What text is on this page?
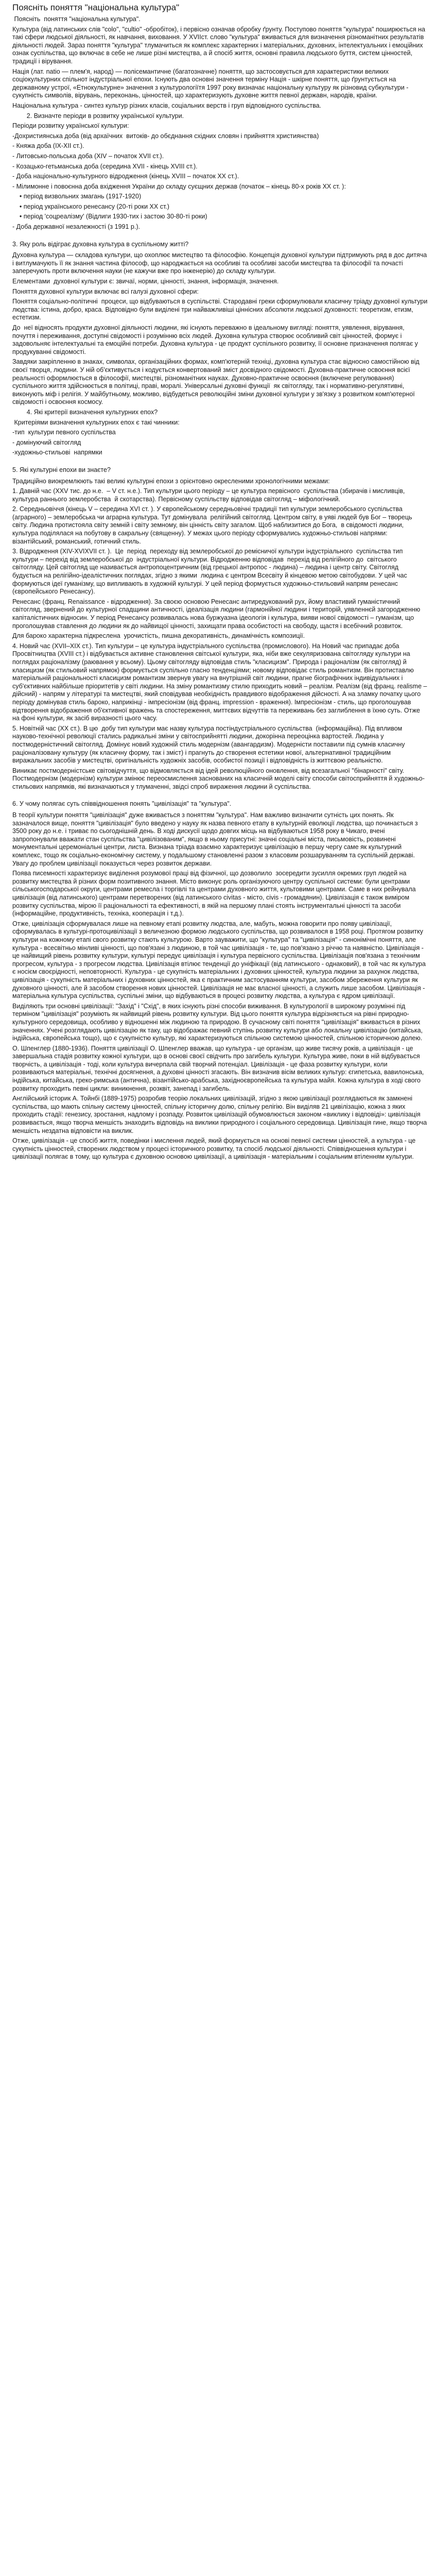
Поясніть поняття "національна культура"

Поясніть  поняття "національна культура".

Культура (від латинських слів "colo", "cultio" -обробіток), і первісно означав обробку ґрунту. Поступово поняття "культура" поширюється на такі сфери людської діяльності, як навчання, виховання. У XVIIст. слово "культура" вживається для визначення різноманітних результатів діяльності людей. Зараз поняття "культура" тлумачиться як комплекс характерних і матеріальних, духовних, інтелектуальних і емоційних ознак суспільства, що включає в себе не лише різні мистецтва, а й спосіб життя, основні правила людського буття, систем цінностей, традиції і вірування.

Нація (лат. natio — плем'я, народ) — полісемантичне (багатозначне) поняття, що застосовується для характеристики великих соціокультурних спільнот індустріальної епохи. Існують два основні значення терміну Нація - шкірне поняття, що ґрунтується на державному устрої, «Етнокультурне» значення з культурологіїтя 1997 року визначає національну культуру як різновид субкультури - сукупність символів, вірувань, переконань, цінностей, що характеризують духовне життя певної державн, народів, країни.

Національна культура - синтез культур різних класів, соціальних верств і груп відповідного суспільства.

2. Визначте періоди в розвитку української культури.

Періоди розвитку української культури:

-Дохристиянська доба (від архаїчних  витоків- до обєднання східних словян і прийняття християнства)

- Княжа доба (ІХ-ХІІ ст.).

- Литовсько-польська доба (XIV – початок XVII ст.).

- Козацько-гетьманська доба (середина XVII - кінець XVIII ст.).

- Доба національно-культурного відродження (кінець XVIII – початок XX ст.).

- Мілимонне і повоєнна доба вхідження України до складу суєщних держав (початок – кінець 80-х років XX ст. ):

• період визвольних змагань (1917-1920)

• період українського ренесансу (20-ті роки XX ст.)

• період 'соцреалізму' (Відлиги 1930-тих і застою 30-80-ті роки)

- Доба державної незалежності (з 1991 р.).

3. Яку роль відіграє духовна культура в суспільному житті?

Духовна культура — складова культури, що охоплює мистецтво та філософію. Концепція духовної культури підтримують ряд в дос дитяча і витлумачують її як знання частина філософ, що народжається на особливі та особливі засоби мистецтва та філософії та почасті заперечують проти включення науки (не кажучи вже про інженерію) до складу культури.

Елементами  духовної культури є: звичаї, норми, цінності, знання, інформація, значення.

Поняття духовної культури включає всі галузі духовної сфери:

Поняття соціально-політичні  процеси, що відбуваються в суспільстві. Стародавні греки сформулювали класичну тріаду духовної культури людства: істина, добро, краса. Відповідно були виділені три найважливіші ціннісних абсолюти людської духовності: теоретизм, етизм, естетизм.

До  неї відносять продукти духовної діяльності людини, які існують переважно в ідеальному вигляді: поняття, уявлення, вірування, почуття і переживання, доступні свідомості і розумінню всіх людей. Духовна культура створює особливий світ цінностей, формує і задовольняє інтелектуальні та емоційні потреби. Духовна культура - це продукт суспільного розвитку, її основне призначення полягає у продукуванні свідомості.

Завдяки закріпленню в знаках, символах, організаційних формах, комп'ютерній техніці, духовна культура стає відносно самостійною від своєї творця, людини. У ній об'єктивується і кодується конвертований зміст досвідного свідомості. Духовна-практичне освоєння всієї реальності оформлюється в філософії, мистецтві, різноманітних науках. Духовно-практичне освоєння (включене регулювання) суспільного життя здійснюється в політиці, праві, моралі. Універсальні духовні функції  як світогляду, так і нормативно-регулятивні, виконують міф і релігія. У майбутньому, можливо, відбудеться революційні зміни духовної культури у зв'язку з розвитком комп'ютерної свідомості і освоєння космосу.

4. Які критерії визначення культурних епох?

Критеріями визначення культурних епох є такі чинники:

-тип  культури певного суспільства

- домінуючий світогляд

-художньо-стильові  напрямки

5. Які культурні епохи ви знаєте?

Традиційно виокремлюють такі великі культурні епохи з орієнтовно окресленими хронологічними межами:

1. Давній час (XXV тис. до н.е.  – V ст. н.е.). Тип культури цього періоду – це культура первісного  суспільства (збирачів і мисливців, культура раннього землеробства  й скотарства). Первісному суспільству відповідав світогляд – міфологічний.

2. Середньовіччя (кінець V – середина XVI ст. ). У європейському середньовічні традиції тип культури землеробського суспільства (аграрного) – землеробська чи аграрна культура. Тут домінувала  релігійний світогляд. Центром світу, в уяві людей був Бог – творець світу. Людина протистояла світу земній і світу земному, він цінність світу загалом. Щоб наблизитися до Бога,  в свідомості людини, культура поділялася на побутову в сакральну (священну). У межах цього періоду сформувались художньо-стильові напрями: візантійський, романський, готичний стиль.

3. Відродження (XIV-XVIXVІІ ст. ).  Це  період  переходу від землеробської до ремісничої культури індустріального  суспільства тип культури – перехід від землеробської до  індустріальної культури. Відродженню відповідав  перехід від релігійного до  світського світогляду. Цей світогляд ще називається антропоцентричним (від грецької антропос - людина) – людина і центр світу. Світогляд будується на релігійно-ідеалістичних поглядах, згідно з якими  людина є центром Всесвіту й кінцевою метою світобудови. У цей час формуються ідеї гуманізму, що випливають в художній культурі. У цей період формується художньо-стильовий напрям ренесанс (європейського Ренесансу).

Ренесанс (франц. Renaissance - відродження). За своєю основою Ренесанс антиредукований рух, йому властивий гуманістичний світогляд, звернений до культурної спадщини античності, ідеалізація людини (гармонійної людини і територій, уявленнєй загородженню капіталістичних відносин. У період Ренесансу розвивалась нова буржуазна ідеологія і культура, вияви нової свідомості – гуманізм, що проголошував ставлення до людини як до найвищої цінності, захищати права особистості на свободу, щастя і всебічний розвиток.

Для бароко характерна підкреслена  урочистість, пишна декоративність, динамічність композиції.

4. Новий час (XVII–XIX ст.). Тип культури – це культура індустріального суспільства (промислового). На Новий час припадає доба Просвітництва (XVIII ст.) і відбувається активне становлення світської культури, яка, ніби вже секуляризована світогляду культури на поглядах раціоналізму (раювання у всьому). Цьому світогляду відповідав стиль "класицизм". Природа і раціоналізм (як світогляд) й класицизм (як стильовий напрямок) формується суспільно гласно тенденціями; новому відповідає стиль романтизм. Він протиставлю матеріальній раціональності класицизм романтизм звернув увагу на внутрішній світ людини, прагне біографічних індивідуальних і суб'єктивних найбільше пріоритетів у світі людини. На зміну романтизму стилю приходить новий – реалізм. Реалізм (від франц. realisme – дійсний) - напрям у літературі та мистецтві, який сповідував необхідність правдивого відображення дійсності. А на зламку початку цього періоду домінував стиль бароко, наприкінці - імпресіонізм (від франц. impression - враження). Імпресіонізм - стиль, що проголошував відтворення відображення об'єктивної вражень та спостереження, миттєвих відчуттів та переживань без заглиблення в їхню суть. Отже на фоні культури, як засіб виразності цього часу.

5. Новітній час (ХХ ст.). В цю  добу тип культури має назву культура постіндустріального суспільства  (інформаційна). Під впливом науково-технічної революції стались радикальні зміни у світосприйнятті людини, докорінна переоцінка вартостей. Людина у постмодерністичний світогляд. Домінує новий художній стиль модернізм (авангардизм). Модерністи поставили під сумнів класичну раціоналізовану культуру (як класичну форму, так і зміст) і прагнуть до створення естетики нової, альтернативної традиційним виражальних засобів у мистецтві, оригінальність художніх засобів, особистої позиції і відповідність із життєвою реальністю.

Виникає постмодерністське світовідчуття, що відмовляється від ідей революційного оновлення, від всезагальної "бінарності" світу. Постмодернізм (модернізм) культури змінює переосмислення заснованих на класичній моделі світу способи світосприйняття й художньо-стильових напрямків, які визначаються у тлумаченні, звідсі спроб вираження людини й суспільства.

6. У чому полягає суть співвідношення понять "цивілізація" та "культура".

В теорії культури поняття "цивілізація" дуже вживається з поняттям "культура". Нам важливо визначити сутність цих понять. Як зазначалося вище, поняття "цивілізація" було введено у науку як назва певного етапу в культурній еволюції людства, що починається з 3500 року до н.е. і триває по сьогоднішній день. В ході дискусії щодо довгих місць на відбуваються 1958 року в Чикаго, вчені запропонували вважати стан суспільства "цивілізованим", якщо в ньому присутні: значні соціальні міста, письмовість, розвинені монументальні церемоніальні центри, листа. Визнана тріада взаємно характеризує цивілізацію в першу чергу саме як культурний комплекс, тощо як соціально-економічну систему, у подальшому становленні разом з класовим розшаруванням та суспільній державі. Увагу до проблем цивілізації показується через розвиток держави.

Поява писемності характеризує виділення розумової праці від фізичної, що дозволило  зосередити зусилля окремих груп людей на розвитку мистецтва й різних форм позитивного знання. Місто виконує роль організуючого центру суспільної системи: були центрами сільськогосподарської округи, центрами ремесла і торгівлі та центрами духовного життя, культовими центрами. Саме в них рейнувала цивілізація (від латинського) центрами перетворених (від латинського civitas - місто, civis - громадянин). Цивілізація є також виміром розвитку суспільства, мірою її раціональності та ефективності, в якій на першому плані стоять інструментальні цінності та засоби (інформаційне, продуктивність, техніка, кооперація і т.д.).

Отже, цивілізація сформувалася лише на певному етапі розвитку людства, але, мабуть, можна говорити про появу цивілізації, сформувалась в культурі-протоцивілізації з величезною формою людського суспільства, що розвивалося в 1958 році. Протягом розвитку культури на кожному етапі свого розвитку стають культурою. Варто зауважити, що "культура" та "цивілізація" - синонімічні поняття, але культура - всесвітньо мінливі цінності, що пов'язані з людиною, в той час цивілізація - те, що пов'язано з річчю та наявністю. Цивілізація - це найвищий рівень розвитку культури, культурі передує цивілізація і культура первісного суспільства. Цивілізація пов'язана з технічним прогресом, культура - з прогресом людства. Цивілізація втілює тенденції до уніфікації (від латинського - однаковий), в той час як культура є носієм своєрідності, неповторності. Культура - це сукупність матеріальних і духовних цінностей, культура людини за рахунок людства, цивілізація - сукупність матеріальних і духовних цінностей, яка є практичним застосуванням культури, засобом збереження культури як духовного цінності, але й засобом створення нових цінностей. Цивілізація не має власної цінності, а служить лише засобом. Цивілізація - матеріальна культура суспільства, суспільні зміни, що відбуваються в процесі розвитку людства, а культура є ядром цивілізації.

Виділяють три основні цивілізації: "Захід" і "Схід", в яких існують різні способи виживання. В культурології в широкому розумінні під терміном "цивілізація" розуміють як найвищий рівень розвитку культури. Від цього поняття культура відрізняється на рівні природно-культурного середовища, особливо у відношенні між людиною та природою. В сучасному світі поняття "цивілізація" вживається в різних значеннях. Учені розглядають цивілізацію як таку, що відображає певний ступінь розвитку культури або локальну цивілізацію (китайська, індійська, європейська тощо), що є сукупністю культур, які характеризуються спільною системою цінностей, спільною історичною долею.

О. Шпенглер (1880-1936). Поняття цивілізації О. Шпенглер вважав, що культура - це організм, що живе тисячу років, а цивілізація - це завершальна стадія розвитку кожної культури, що в основі своєї свідчить про загибель культури. Культура живе, поки в ній відбувається творчість, а цивілізація - тоді, коли культура вичерпала свій творчий потенціал. Цивілізація - це фаза розвитку культури, коли розвиваються матеріальні, технічні досягнення, а духовні цінності згасають. Він визначив вісім великих культур: єгипетська, вавилонська, індійська, китайська, греко-римська (антична), візантійсько-арабська, західноєвропейська та культура майя. Кожна культура в ході свого розвитку проходить певні цикли: виникнення, розквіт, занепад і загибель.

Англійський історик А. Тойнбі (1889-1975) розробив теорію локальних цивілізацій, згідно з якою цивілізації розглядаються як замкнені суспільства, що мають спільну систему цінностей, спільну історичну долю, спільну релігію. Він виділяв 21 цивілізацію, кожна з яких проходить стадії: генезису, зростання, надлому і розпаду. Розвиток цивілізацій обумовлюється законом «виклику і відповіді»: цивілізація розвивається, якщо творча меншість знаходить відповідь на виклики природного і соціального середовища. Цивілізація гине, якщо творча меншість нездатна відповісти на виклик.

Отже, цивілізація - це спосіб життя, поведінки і мислення людей, який формується на основі певної системи цінностей, а культура - це сукупність цінностей, створених людством у процесі історичного розвитку, та спосіб людської діяльності. Співвідношення культури і цивілізації полягає в тому, що культура є духовною основою цивілізації, а цивілізація - матеріальним і соціальним втіленням культури.
